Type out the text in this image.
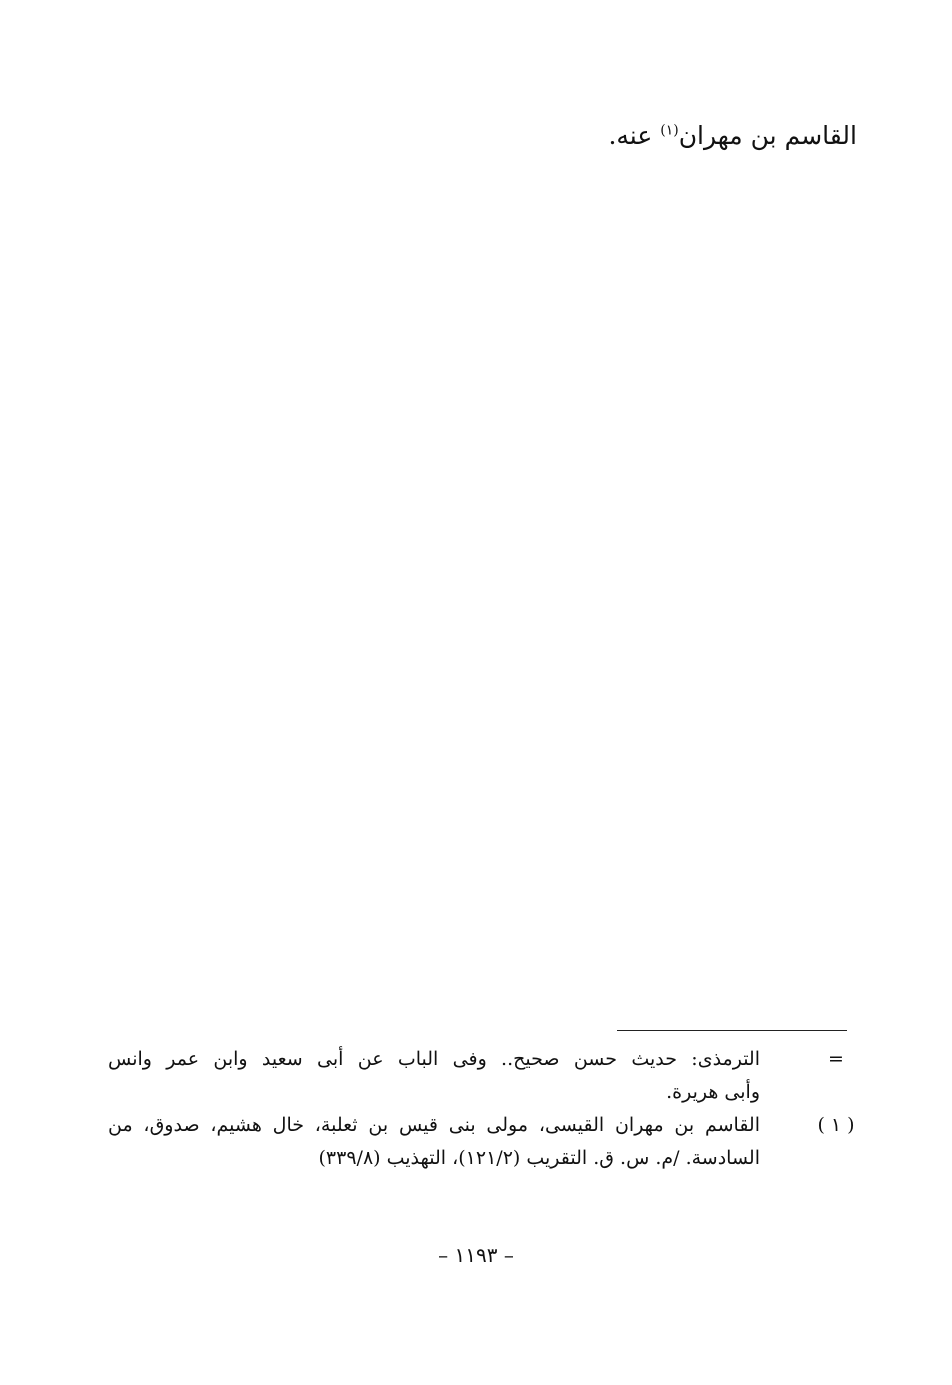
القاسم بن مهران$^{(١)}$ عنه.
=
الترمذى: حديث حسن صحيح.. وفى الباب عن أبى سعيد وابن عمر وانس
وأبى هريرة.
( ١ )
القاسم بن مهران القيسى، مولى بنى قيس بن ثعلبة، خال هشيم، صدوق، من
السادسة. /م. س. ق. التقريب (١٢١/٢)، التهذيب (٣٣٩/٨)
– ١١٩٣ –
